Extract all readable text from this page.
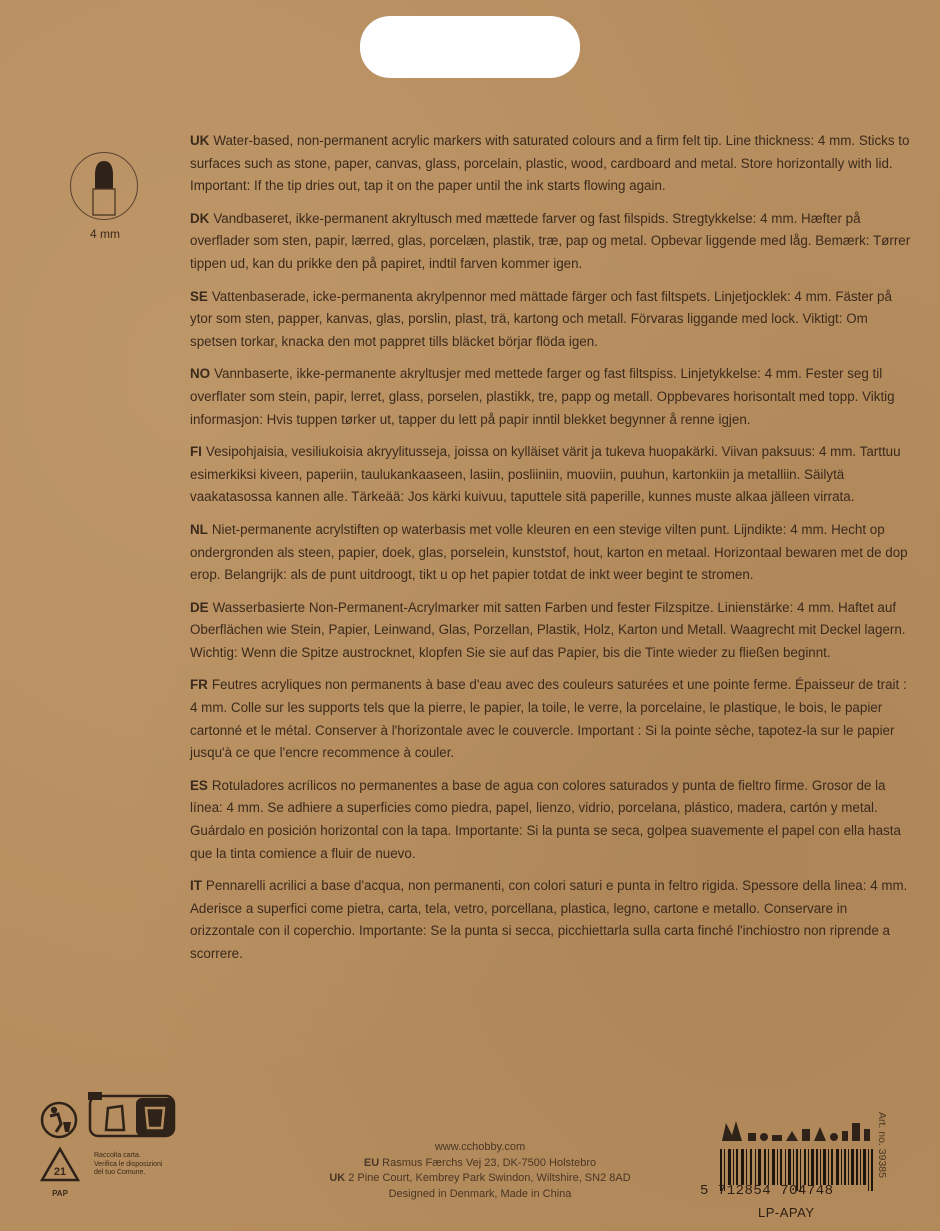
4 mm

UK Water-based, non-permanent acrylic markers with saturated colours and a firm felt tip. Line thickness: 4 mm. Sticks to surfaces such as stone, paper, canvas, glass, porcelain, plastic, wood, cardboard and metal. Store horizontally with lid. Important: If the tip dries out, tap it on the paper until the ink starts flowing again.

DK Vandbaseret, ikke-permanent akryltusch med mættede farver og fast filspids. Stregtykkelse: 4 mm. Hæfter på overflader som sten, papir, lærred, glas, porcelæn, plastik, træ, pap og metal. Opbevar liggende med låg. Bemærk: Tørrer tippen ud, kan du prikke den på papiret, indtil farven kommer igen.

SE Vattenbaserade, icke-permanenta akrylpennor med mättade färger och fast filtspets. Linjetjocklek: 4 mm. Fäster på ytor som sten, papper, kanvas, glas, porslin, plast, trä, kartong och metall. Förvaras liggande med lock. Viktigt: Om spetsen torkar, knacka den mot pappret tills bläcket börjar flöda igen.

NO Vannbaserte, ikke-permanente akryltusjer med mettede farger og fast filtspiss. Linjetykkelse: 4 mm. Fester seg til overflater som stein, papir, lerret, glass, porselen, plastikk, tre, papp og metall. Oppbevares horisontalt med topp. Viktig informasjon: Hvis tuppen tørker ut, tapper du lett på papir inntil blekket begynner å renne igjen.

FI Vesipohjaisia, vesiliukoisia akryylitusseja, joissa on kylläiset värit ja tukeva huopakärki. Viivan paksuus: 4 mm. Tarttuu esimerkiksi kiveen, paperiin, taulukankaaseen, lasiin, posliiniin, muoviin, puuhun, kartonkiin ja metalliin. Säilytä vaakatasossa kannen alle. Tärkeää: Jos kärki kuivuu, taputtele sitä paperille, kunnes muste alkaa jälleen virrata.

NL Niet-permanente acrylstiften op waterbasis met volle kleuren en een stevige vilten punt. Lijndikte: 4 mm. Hecht op ondergronden als steen, papier, doek, glas, porselein, kunststof, hout, karton en metaal. Horizontaal bewaren met de dop erop. Belangrijk: als de punt uitdroogt, tikt u op het papier totdat de inkt weer begint te stromen.

DE Wasserbasierte Non-Permanent-Acrylmarker mit satten Farben und fester Filzspitze. Linienstärke: 4 mm. Haftet auf Oberflächen wie Stein, Papier, Leinwand, Glas, Porzellan, Plastik, Holz, Karton und Metall. Waagrecht mit Deckel lagern. Wichtig: Wenn die Spitze austrocknet, klopfen Sie sie auf das Papier, bis die Tinte wieder zu fließen beginnt.

FR Feutres acryliques non permanents à base d'eau avec des couleurs saturées et une pointe ferme. Épaisseur de trait : 4 mm. Colle sur les supports tels que la pierre, le papier, la toile, le verre, la porcelaine, le plastique, le bois, le papier cartonné et le métal. Conserver à l'horizontale avec le couvercle. Important : Si la pointe sèche, tapotez-la sur le papier jusqu'à ce que l'encre recommence à couler.

ES Rotuladores acrílicos no permanentes a base de agua con colores saturados y punta de fieltro firme. Grosor de la línea: 4 mm. Se adhiere a superficies como piedra, papel, lienzo, vidrio, porcelana, plástico, madera, cartón y metal. Guárdalo en posición horizontal con la tapa. Importante: Si la punta se seca, golpea suavemente el papel con ella hasta que la tinta comience a fluir de nuevo.

IT Pennarelli acrilici a base d'acqua, non permanenti, con colori saturi e punta in feltro rigida. Spessore della linea: 4 mm. Aderisce a superfici come pietra, carta, tela, vetro, porcellana, plastica, legno, cartone e metallo. Conservare in orizzontale con il coperchio. Importante: Se la punta si secca, picchiettarla sulla carta finché l'inchiostro non riprende a scorrere.

21
PAP
Raccolta carta.
Verifica le disposizioni
del tuo Comune.
www.cchobby.com
EU Rasmus Færchs Vej 23, DK-7500 Holstebro
UK 2 Pine Court, Kembrey Park Swindon, Wiltshire, SN2 8AD
Designed in Denmark, Made in China	5 712854 704748
LP-APAY
Art. no. 39385
